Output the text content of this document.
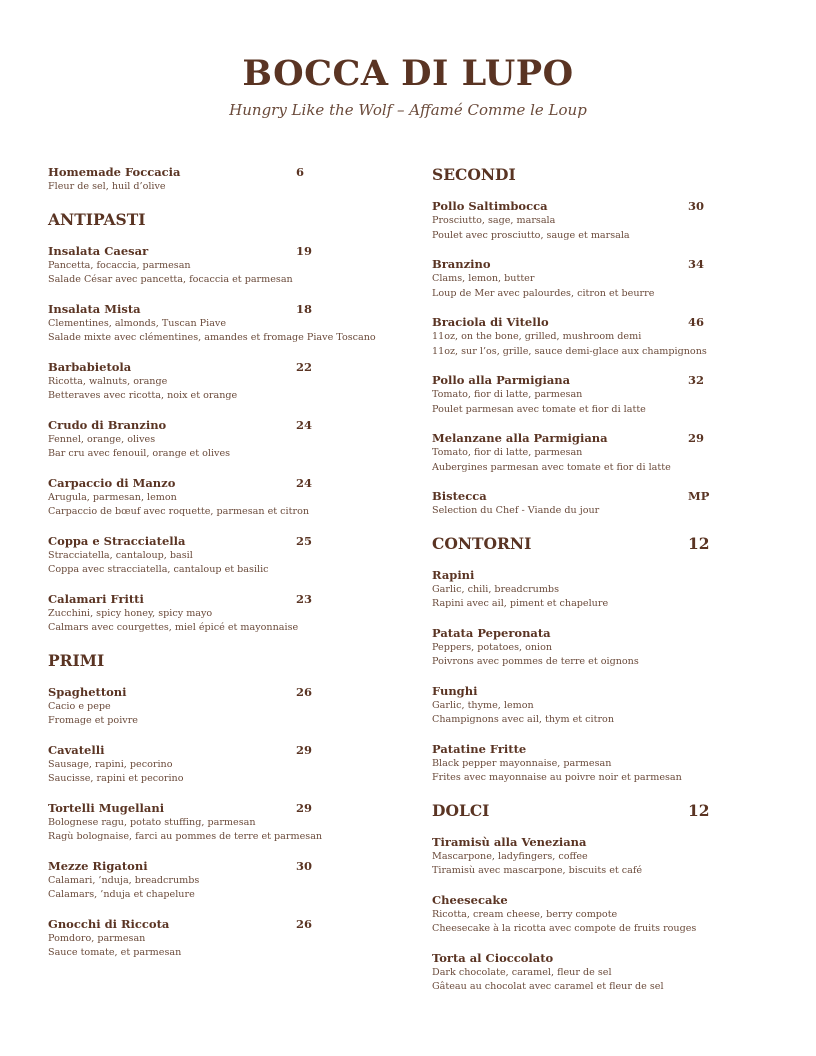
BOCCA DI LUPO
Hungry Like the Wolf – Affamé Comme le Loup
Homemade Foccacia	6
Fleur de sel, huil d’olive
ANTIPASTI
Insalata Caesar	19
Pancetta, focaccia, parmesan
Salade César avec pancetta, focaccia et parmesan
Insalata Mista	18
Clementines, almonds, Tuscan Piave
Salade mixte avec clémentines, amandes et fromage Piave Toscano
Barbabietola	22
Ricotta, walnuts, orange
Betteraves avec ricotta, noix et orange
Crudo di Branzino	24
Fennel, orange, olives
Bar cru avec fenouil, orange et olives
Carpaccio di Manzo	24
Arugula, parmesan, lemon
Carpaccio de bœuf avec roquette, parmesan et citron
Coppa e Stracciatella	25
Stracciatella, cantaloup, basil
Coppa avec stracciatella, cantaloup et basilic
Calamari Fritti	23
Zucchini, spicy honey, spicy mayo
Calmars avec courgettes, miel épicé et mayonnaise
PRIMI
Spaghettoni	26
Cacio e pepe
Fromage et poivre
Cavatelli	29
Sausage, rapini, pecorino
Saucisse, rapini et pecorino
Tortelli Mugellani	29
Bolognese ragu, potato stuffing, parmesan
Ragù bolognaise, farci au pommes de terre et parmesan
Mezze Rigatoni	30
Calamari, ’nduja, breadcrumbs
Calamars, ’nduja et chapelure
Gnocchi di Riccota	26
Pomdoro, parmesan
Sauce tomate, et parmesan
SECONDI
Pollo Saltimbocca	30
Prosciutto, sage, marsala
Poulet avec prosciutto, sauge et marsala
Branzino	34
Clams, lemon, butter
Loup de Mer avec palourdes, citron et beurre
Braciola di Vitello	46
11oz, on the bone, grilled, mushroom demi
11oz, sur l’os, grille, sauce demi-glace aux champignons
Pollo alla Parmigiana	32
Tomato, fior di latte, parmesan
Poulet parmesan avec tomate et fior di latte
Melanzane alla Parmigiana	29
Tomato, fior di latte, parmesan
Aubergines parmesan avec tomate et fior di latte
Bistecca	MP
Selection du Chef - Viande du jour
CONTORNI	12
Rapini
Garlic, chili, breadcrumbs
Rapini avec ail, piment et chapelure
Patata Peperonata
Peppers, potatoes, onion
Poivrons avec pommes de terre et oignons
Funghi
Garlic, thyme, lemon
Champignons avec ail, thym et citron
Patatine Fritte
Black pepper mayonnaise, parmesan
Frites avec mayonnaise au poivre noir et parmesan
DOLCI	12
Tiramisù alla Veneziana
Mascarpone, ladyfingers, coffee
Tiramisù avec mascarpone, biscuits et café
Cheesecake
Ricotta, cream cheese, berry compote
Cheesecake à la ricotta avec compote de fruits rouges
Torta al Cioccolato
Dark chocolate, caramel, fleur de sel
Gâteau au chocolat avec caramel et fleur de sel
